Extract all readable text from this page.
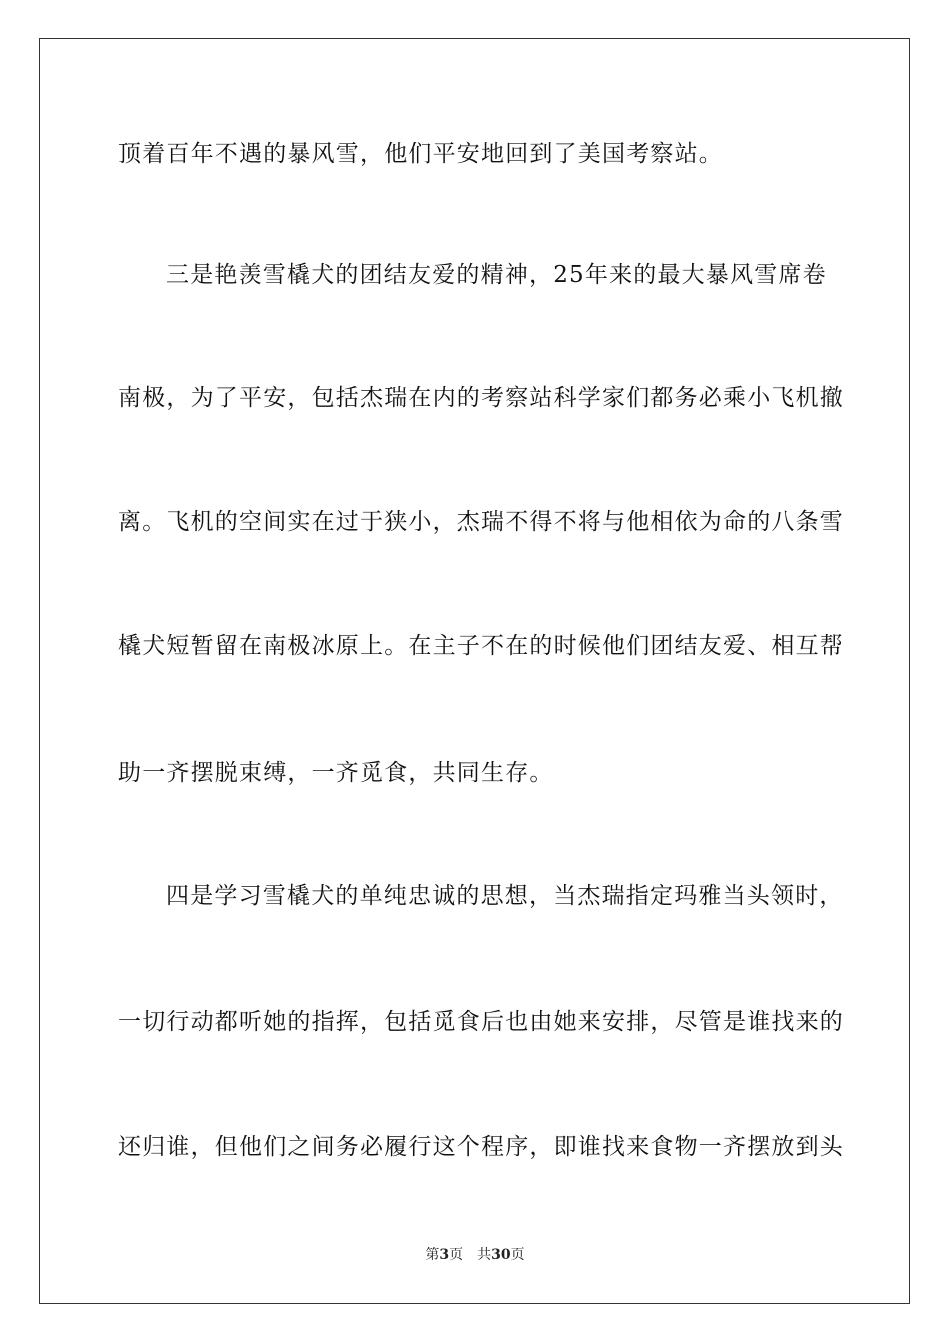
顶着百年不遇的暴风雪，他们平安地回到了美国考察站。
三是艳羡雪橇犬的团结友爱的精神，25年来的最大暴风雪席卷
南极，为了平安，包括杰瑞在内的考察站科学家们都务必乘小飞机撤
离。飞机的空间实在过于狭小，杰瑞不得不将与他相依为命的八条雪
橇犬短暂留在南极冰原上。在主子不在的时候他们团结友爱、相互帮
助一齐摆脱束缚，一齐觅食，共同生存。
四是学习雪橇犬的单纯忠诚的思想，当杰瑞指定玛雅当头领时，
一切行动都听她的指挥，包括觅食后也由她来安排，尽管是谁找来的
还归谁，但他们之间务必履行这个程序，即谁找来食物一齐摆放到头
第3页 共30页
